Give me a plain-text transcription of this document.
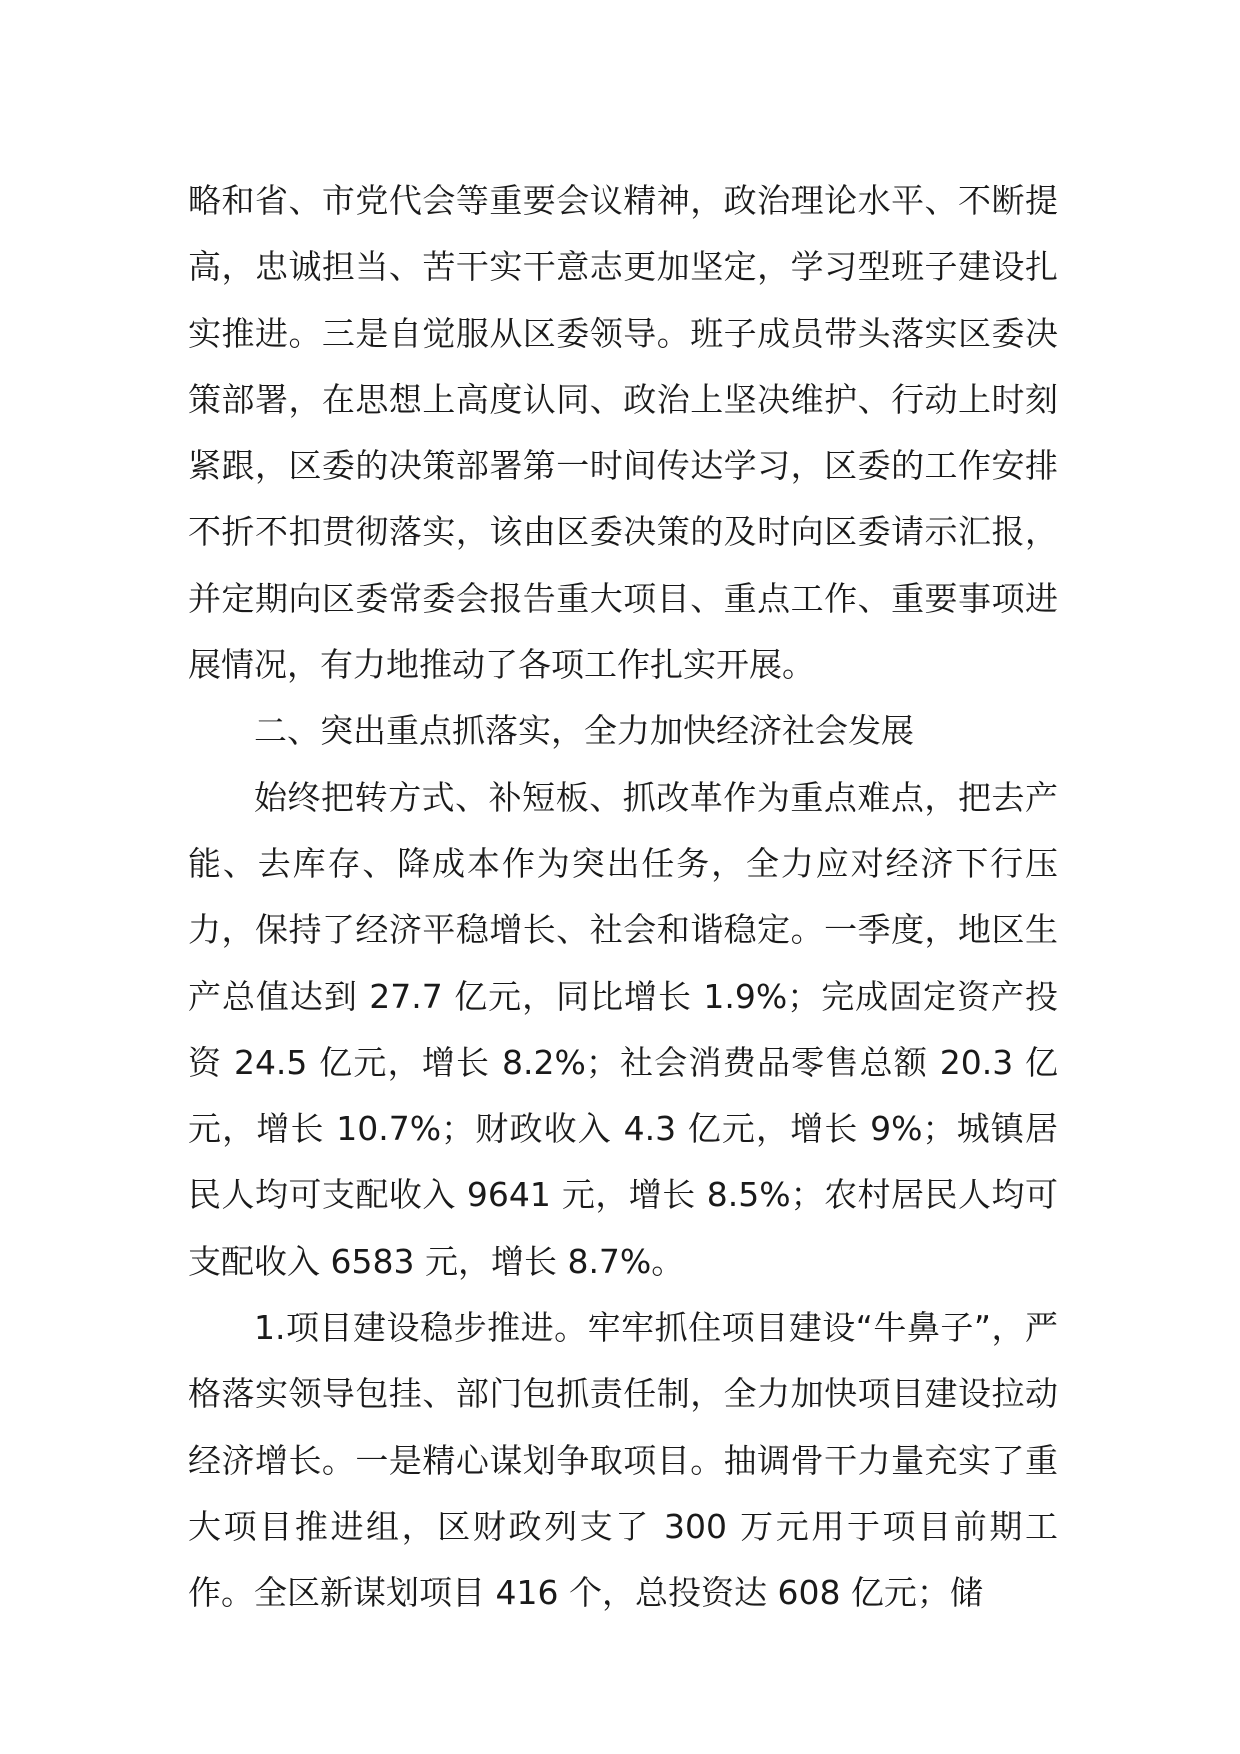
略和省、市党代会等重要会议精神，政治理论水平、不断提高，忠诚担当、苦干实干意志更加坚定，学习型班子建设扎实推进。三是自觉服从区委领导。班子成员带头落实区委决策部署，在思想上高度认同、政治上坚决维护、行动上时刻紧跟，区委的决策部署第一时间传达学习，区委的工作安排不折不扣贯彻落实，该由区委决策的及时向区委请示汇报，并定期向区委常委会报告重大项目、重点工作、重要事项进展情况，有力地推动了各项工作扎实开展。

二、突出重点抓落实，全力加快经济社会发展

始终把转方式、补短板、抓改革作为重点难点，把去产能、去库存、降成本作为突出任务，全力应对经济下行压力，保持了经济平稳增长、社会和谐稳定。一季度，地区生产总值达到 27.7 亿元，同比增长 1.9%；完成固定资产投资 24.5 亿元，增长 8.2%；社会消费品零售总额 20.3 亿元，增长 10.7%；财政收入 4.3 亿元，增长 9%；城镇居民人均可支配收入 9641 元，增长 8.5%；农村居民人均可支配收入 6583 元，增长 8.7%。

1.项目建设稳步推进。牢牢抓住项目建设“牛鼻子”，严格落实领导包挂、部门包抓责任制，全力加快项目建设拉动经济增长。一是精心谋划争取项目。抽调骨干力量充实了重大项目推进组，区财政列支了 300 万元用于项目前期工作。全区新谋划项目 416 个，总投资达 608 亿元；储
